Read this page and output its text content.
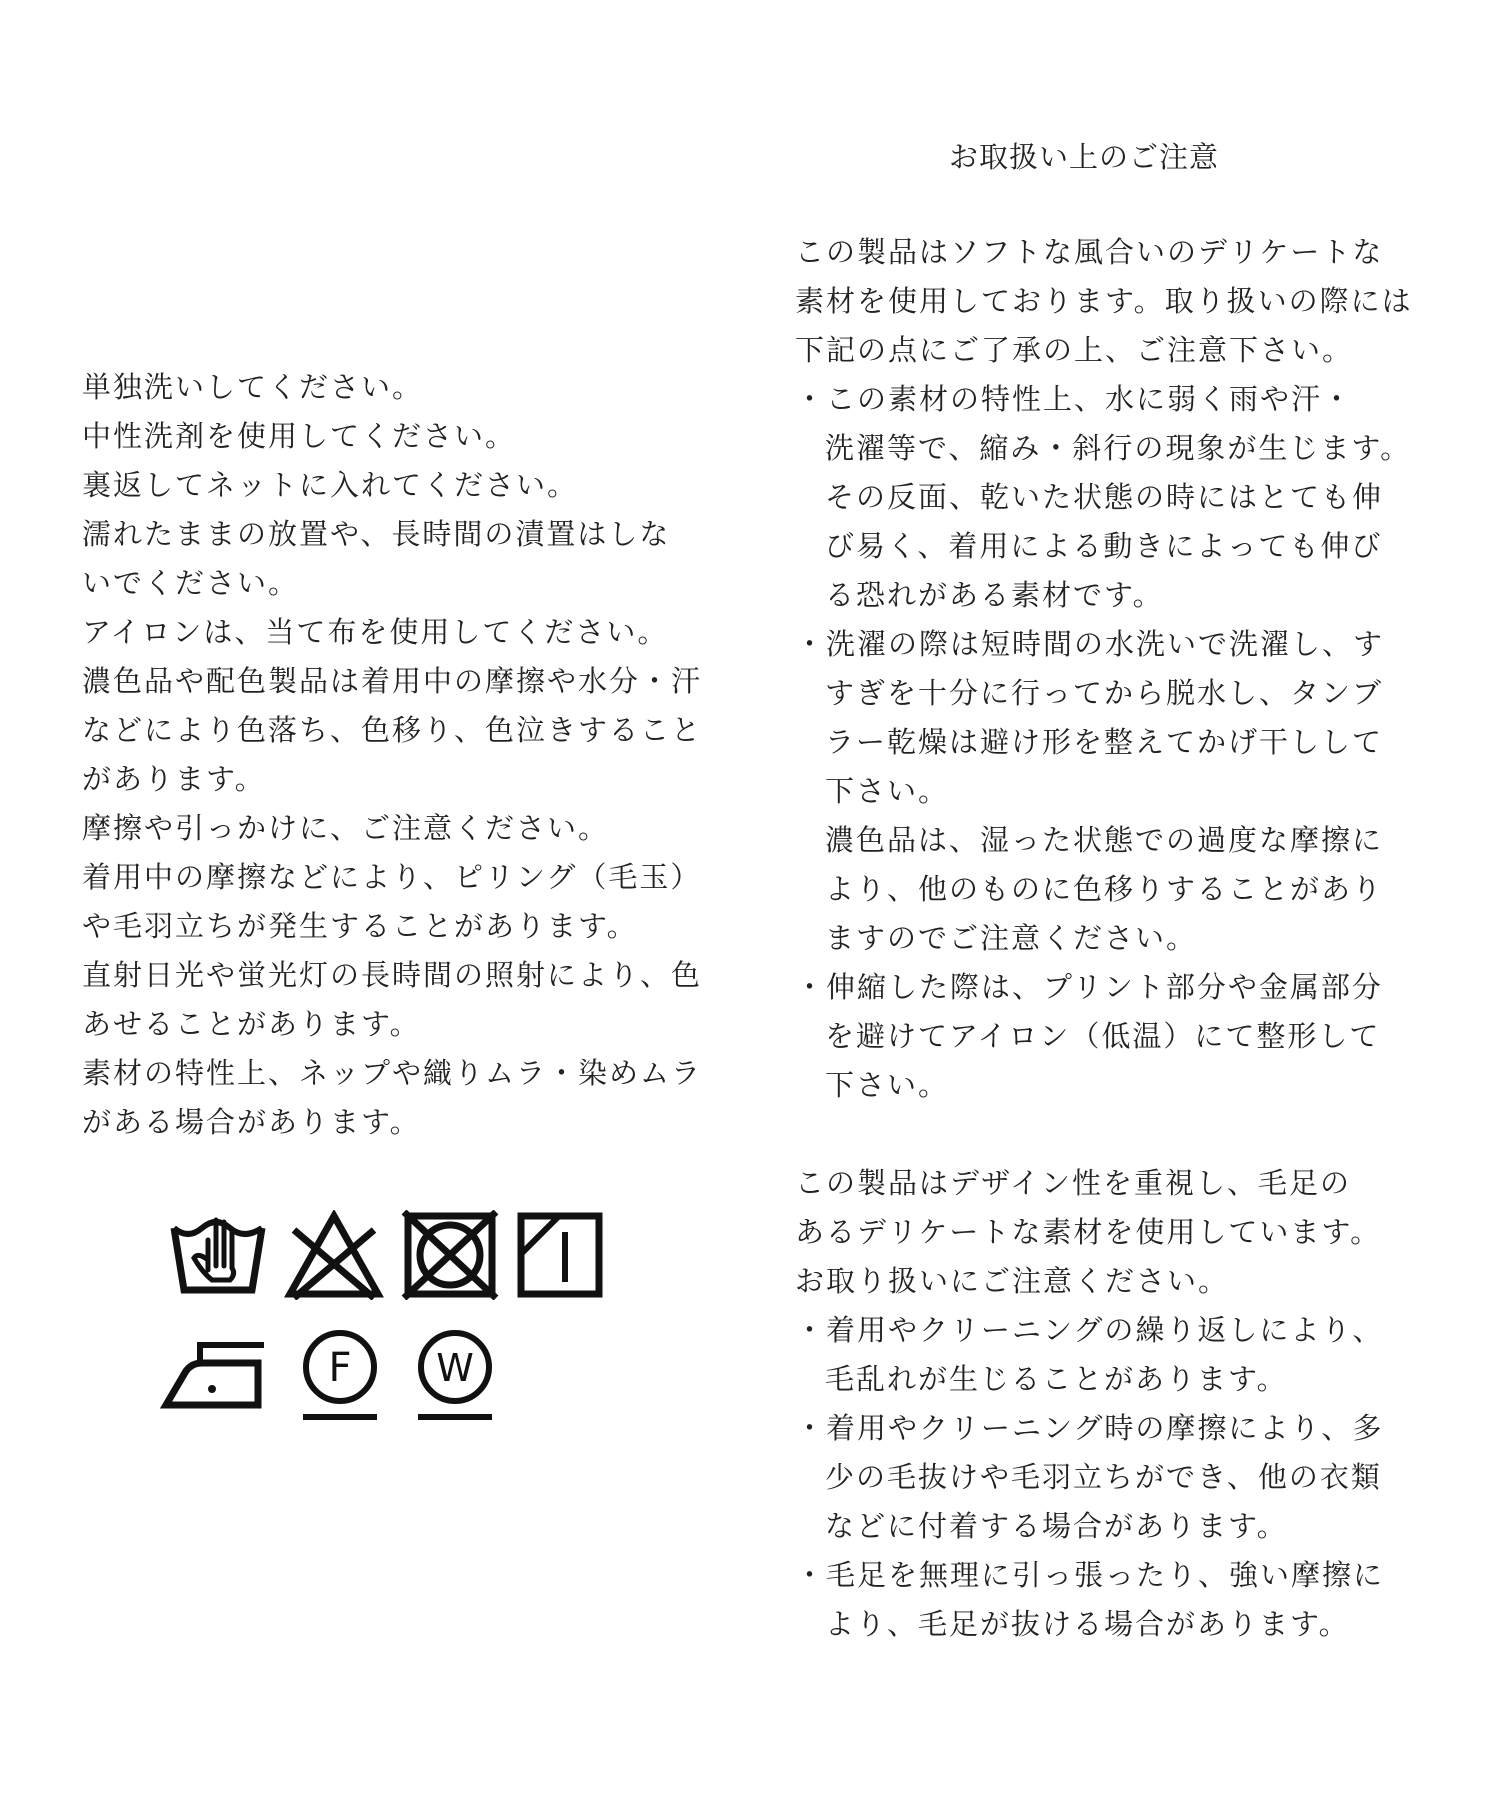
お取扱い上のご注意
単独洗いしてください。
中性洗剤を使用してください。
裏返してネットに入れてください。
濡れたままの放置や、長時間の漬置はしな
いでください。
アイロンは、当て布を使用してください。
濃色品や配色製品は着用中の摩擦や水分・汗
などにより色落ち、色移り、色泣きすること
があります。
摩擦や引っかけに、ご注意ください。
着用中の摩擦などにより、ピリング（毛玉）
や毛羽立ちが発生することがあります。
直射日光や蛍光灯の長時間の照射により、色
あせることがあります。
素材の特性上、ネップや織りムラ・染めムラ
がある場合があります。
この製品はソフトな風合いのデリケートな
素材を使用しております。取り扱いの際には
下記の点にご了承の上、ご注意下さい。
・この素材の特性上、水に弱く雨や汗・
洗濯等で、縮み・斜行の現象が生じます。
その反面、乾いた状態の時にはとても伸
び易く、着用による動きによっても伸び
る恐れがある素材です。
・洗濯の際は短時間の水洗いで洗濯し、す
すぎを十分に行ってから脱水し、タンブ
ラー乾燥は避け形を整えてかげ干しして
下さい。
濃色品は、湿った状態での過度な摩擦に
より、他のものに色移りすることがあり
ますのでご注意ください。
・伸縮した際は、プリント部分や金属部分
を避けてアイロン（低温）にて整形して
下さい。
この製品はデザイン性を重視し、毛足の
あるデリケートな素材を使用しています。
お取り扱いにご注意ください。
・着用やクリーニングの繰り返しにより、
毛乱れが生じることがあります。
・着用やクリーニング時の摩擦により、多
少の毛抜けや毛羽立ちができ、他の衣類
などに付着する場合があります。
・毛足を無理に引っ張ったり、強い摩擦に
より、毛足が抜ける場合があります。
F W
